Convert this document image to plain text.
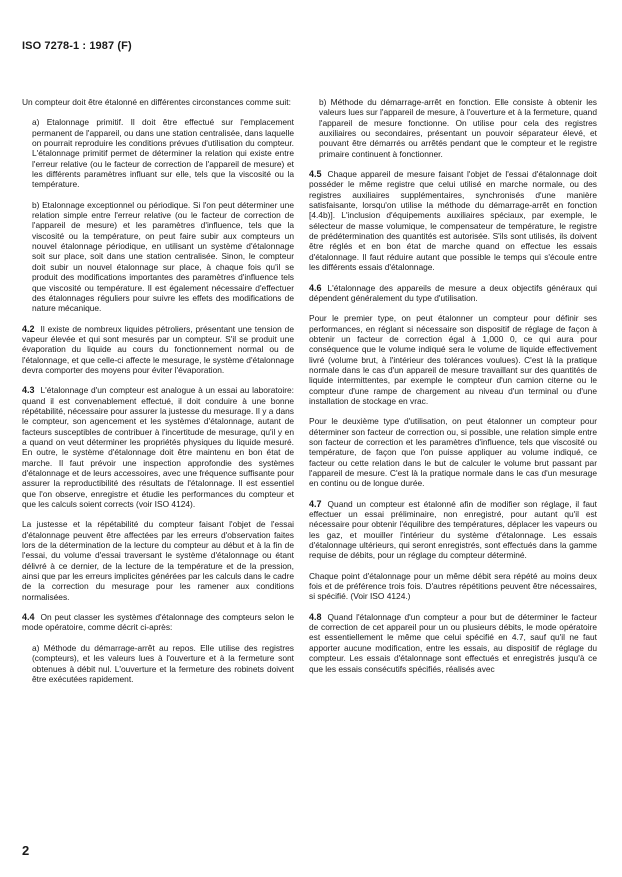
ISO 7278-1 : 1987 (F)

Un compteur doit être étalonné en différentes circonstances comme suit:

a) Etalonnage primitif. Il doit être effectué sur l'emplacement permanent de l'appareil, ou dans une station centralisée, dans laquelle on pourrait reproduire les conditions prévues d'utilisation du compteur. L'étalonnage primitif permet de déterminer la relation qui existe entre l'erreur relative (ou le facteur de correction de l'appareil de mesure) et les différents paramètres influant sur elle, tels que la viscosité ou la température.

b) Etalonnage exceptionnel ou périodique. Si l'on peut déterminer une relation simple entre l'erreur relative (ou le facteur de correction de l'appareil de mesure) et les paramètres d'influence, tels que la viscosité ou la température, on peut faire subir aux compteurs un nouvel étalonnage périodique, en utilisant un système d'étalonnage soit sur place, soit dans une station centralisée. Sinon, le compteur doit subir un nouvel étalonnage sur place, à chaque fois qu'il se produit des modifications importantes des paramètres d'influence tels que viscosité ou température. Il est également nécessaire d'effectuer des étalonnages réguliers pour suivre les effets des modifications de nature mécanique.

4.2 Il existe de nombreux liquides pétroliers, présentant une tension de vapeur élevée et qui sont mesurés par un compteur. S'il se produit une évaporation du liquide au cours du fonctionnement normal ou de l'étalonnage, et que celle-ci affecte le mesurage, le système d'étalonnage devra comporter des moyens pour éviter l'évaporation.

4.3 L'étalonnage d'un compteur est analogue à un essai au laboratoire: quand il est convenablement effectué, il doit conduire à une bonne répétabilité, nécessaire pour assurer la justesse du mesurage. Il y a dans le compteur, son agencement et les systèmes d'étalonnage, autant de facteurs susceptibles de contribuer à l'incertitude de mesurage, qu'il y en a quand on veut déterminer les propriétés physiques du liquide mesuré. En outre, le système d'étalonnage doit être maintenu en bon état de marche. Il faut prévoir une inspection approfondie des systèmes d'étalonnage et de leurs accessoires, avec une fréquence suffisante pour assurer la reproductibilité des résultats de l'étalonnage. Il est essentiel que l'on observe, enregistre et étudie les performances du compteur et que les calculs soient corrects (voir ISO 4124).

La justesse et la répétabilité du compteur faisant l'objet de l'essai d'étalonnage peuvent être affectées par les erreurs d'observation faites lors de la détermination de la lecture du compteur au début et à la fin de l'essai, du volume d'essai traversant le système d'étalonnage ou étant délivré à ce dernier, de la lecture de la température et de la pression, ainsi que par les erreurs implicites générées par les calculs dans le cadre de la correction du mesurage pour les ramener aux conditions normalisées.

4.4 On peut classer les systèmes d'étalonnage des compteurs selon le mode opératoire, comme décrit ci-après:

a) Méthode du démarrage-arrêt au repos. Elle utilise des registres (compteurs), et les valeurs lues à l'ouverture et à la fermeture sont obtenues à débit nul. L'ouverture et la fermeture des robinets doivent être exécutées rapidement.

b) Méthode du démarrage-arrêt en fonction. Elle consiste à obtenir les valeurs lues sur l'appareil de mesure, à l'ouverture et à la fermeture, quand l'appareil de mesure fonctionne. On utilise pour cela des registres auxiliaires ou secondaires, présentant un pouvoir séparateur élevé, et pouvant être démarrés ou arrêtés pendant que le compteur et le registre primaire continuent à fonctionner.

4.5 Chaque appareil de mesure faisant l'objet de l'essai d'étalonnage doit posséder le même registre que celui utilisé en marche normale, ou des registres auxiliaires supplémentaires, synchronisés d'une manière satisfaisante, lorsqu'on utilise la méthode du démarrage-arrêt en fonction [4.4b)]. L'inclusion d'équipements auxiliaires spéciaux, par exemple, le sélecteur de masse volumique, le compensateur de température, le registre de prédétermination des quantités est autorisée. S'ils sont utilisés, ils doivent être réglés et en bon état de marche quand on effectue les essais d'étalonnage. Il faut réduire autant que possible le temps qui s'écoule entre les différents essais d'étalonnage.

4.6 L'étalonnage des appareils de mesure a deux objectifs généraux qui dépendent généralement du type d'utilisation.

Pour le premier type, on peut étalonner un compteur pour définir ses performances, en réglant si nécessaire son dispositif de réglage de façon à obtenir un facteur de correction égal à 1,000 0, ce qui aura pour conséquence que le volume indiqué sera le volume de liquide effectivement livré (volume brut, à l'intérieur des tolérances voulues). C'est là la pratique normale dans le cas d'un appareil de mesure travaillant sur des quantités de liquide intermittentes, par exemple le compteur d'un camion citerne ou le compteur d'une rampe de chargement au niveau d'un terminal ou d'une installation de stockage en vrac.

Pour le deuxième type d'utilisation, on peut étalonner un compteur pour déterminer son facteur de correction ou, si possible, une relation simple entre son facteur de correction et les paramètres d'influence, tels que viscosité ou température, de façon que l'on puisse appliquer au volume indiqué, ce facteur ou cette relation dans le but de calculer le volume brut passant par l'appareil de mesure. C'est là la pratique normale dans le cas d'un mesurage en continu ou de longue durée.

4.7 Quand un compteur est étalonné afin de modifier son réglage, il faut effectuer un essai préliminaire, non enregistré, pour autant qu'il est nécessaire pour obtenir l'équilibre des températures, déplacer les vapeurs ou les gaz, et mouiller l'intérieur du système d'étalonnage. Les essais d'étalonnage ultérieurs, qui seront enregistrés, sont effectués dans la gamme requise de débits, pour un réglage du compteur déterminé.

Chaque point d'étalonnage pour un même débit sera répété au moins deux fois et de préférence trois fois. D'autres répétitions peuvent être nécessaires, si spécifié. (Voir ISO 4124.)

4.8 Quand l'étalonnage d'un compteur a pour but de déterminer le facteur de correction de cet appareil pour un ou plusieurs débits, le mode opératoire est essentiellement le même que celui spécifié en 4.7, sauf qu'il ne faut apporter aucune modification, entre les essais, au dispositif de réglage du compteur. Les essais d'étalonnage sont effectués et enregistrés jusqu'à ce que les essais consécutifs spécifiés, réalisés avec

2
